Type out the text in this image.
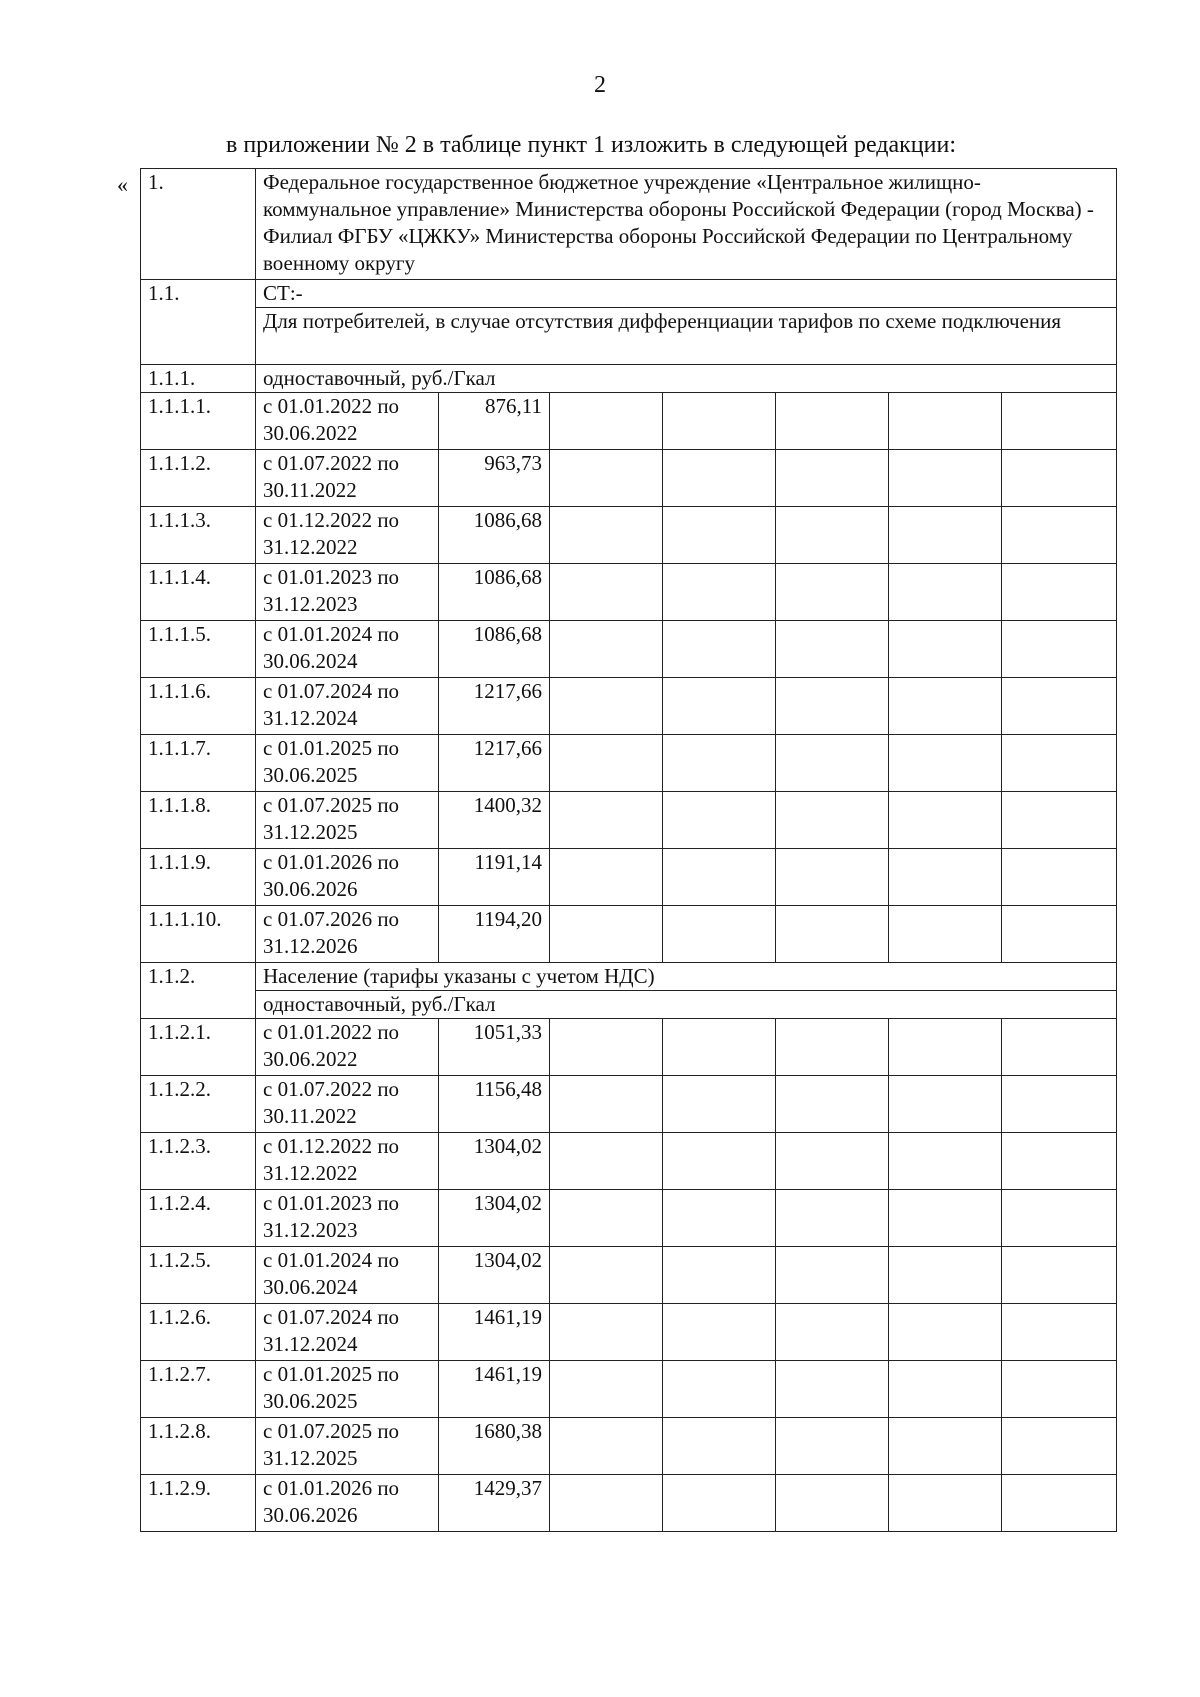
2
в приложении № 2 в таблице пункт 1 изложить в следующей редакции:
« 1.	Федеральное государственное бюджетное учреждение «Центральное жилищно-коммунальное управление» Министерства обороны Российской Федерации (город Москва) - Филиал ФГБУ «ЦЖКУ» Министерства обороны Российской Федерации по Центральному военному округу						
1.1.	СТ:-						
	Для потребителей, в случае отсутствия дифференциации тарифов по схеме подключения						
1.1.1.	одноставочный, руб./Гкал						
1.1.1.1.	с 01.01.2022 по 30.06.2022	876,11					
1.1.1.2.	с 01.07.2022 по 30.11.2022	963,73					
1.1.1.3.	с 01.12.2022 по 31.12.2022	1086,68					
1.1.1.4.	с 01.01.2023 по 31.12.2023	1086,68					
1.1.1.5.	с 01.01.2024 по 30.06.2024	1086,68					
1.1.1.6.	с 01.07.2024 по 31.12.2024	1217,66					
1.1.1.7.	с 01.01.2025 по 30.06.2025	1217,66					
1.1.1.8.	с 01.07.2025 по 31.12.2025	1400,32					
1.1.1.9.	с 01.01.2026 по 30.06.2026	1191,14					
1.1.1.10.	с 01.07.2026 по 31.12.2026	1194,20					
1.1.2.	Население (тарифы указаны с учетом НДС)						
	одноставочный, руб./Гкал						
1.1.2.1.	с 01.01.2022 по 30.06.2022	1051,33					
1.1.2.2.	с 01.07.2022 по 30.11.2022	1156,48					
1.1.2.3.	с 01.12.2022 по 31.12.2022	1304,02					
1.1.2.4.	с 01.01.2023 по 31.12.2023	1304,02					
1.1.2.5.	с 01.01.2024 по 30.06.2024	1304,02					
1.1.2.6.	с 01.07.2024 по 31.12.2024	1461,19					
1.1.2.7.	с 01.01.2025 по 30.06.2025	1461,19					
1.1.2.8.	с 01.07.2025 по 31.12.2025	1680,38					
1.1.2.9.	с 01.01.2026 по 30.06.2026	1429,37					
